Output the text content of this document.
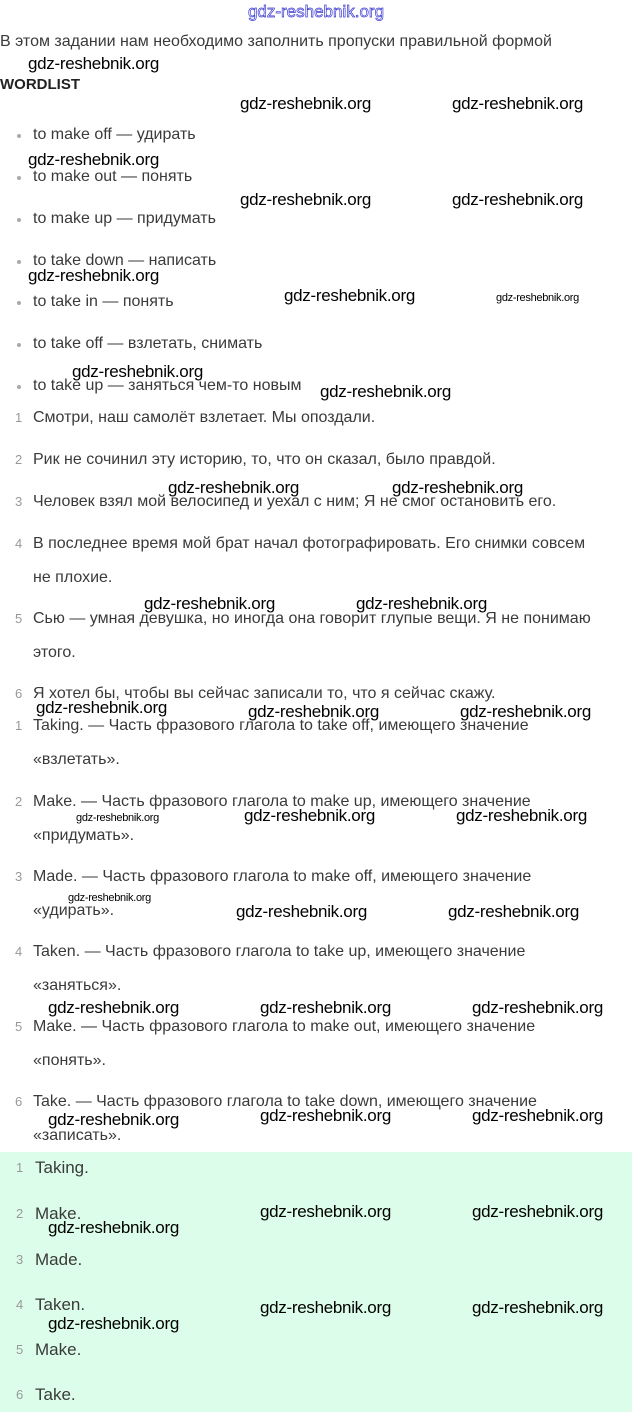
gdz-reshebnik.org
В этом задании нам необходимо заполнить пропуски правильной формой
WORDLIST
to make off — удирать
to make out — понять
to make up — придумать
to take down — написать
to take in — понять
to take off — взлетать, снимать
to take up — заняться чем-то новым
1 Смотри, наш самолёт взлетает. Мы опоздали.
2 Рик не сочинил эту историю, то, что он сказал, было правдой.
3 Человек взял мой велосипед и уехал с ним; Я не смог остановить его.
4 В последнее время мой брат начал фотографировать. Его снимки совсем
не плохие.
5 Сью — умная девушка, но иногда она говорит глупые вещи. Я не понимаю
этого.
6 Я хотел бы, чтобы вы сейчас записали то, что я сейчас скажу.
1 Taking. — Часть фразового глагола to take off, имеющего значение
«взлетать».
2 Make. — Часть фразового глагола to make up, имеющего значение
«придумать».
3 Made. — Часть фразового глагола to make off, имеющего значение
«удирать».
4 Taken. — Часть фразового глагола to take up, имеющего значение
«заняться».
5 Make. — Часть фразового глагола to make out, имеющего значение
«понять».
6 Take. — Часть фразового глагола to take down, имеющего значение
«записать».
1 Taking.
2 Make.
3 Made.
4 Taken.
5 Make.
6 Take.
gdz-reshebnik.org
gdz-reshebnik.org	gdz-reshebnik.org
gdz-reshebnik.org
gdz-reshebnik.org	gdz-reshebnik.org
gdz-reshebnik.org
gdz-reshebnik.org	gdz-reshebnik.org
gdz-reshebnik.org
gdz-reshebnik.org
gdz-reshebnik.org	gdz-reshebnik.org
gdz-reshebnik.org	gdz-reshebnik.org
gdz-reshebnik.org	gdz-reshebnik.org	gdz-reshebnik.org
gdz-reshebnik.org	gdz-reshebnik.org	gdz-reshebnik.org
gdz-reshebnik.org
gdz-reshebnik.org	gdz-reshebnik.org
gdz-reshebnik.org	gdz-reshebnik.org	gdz-reshebnik.org
gdz-reshebnik.org	gdz-reshebnik.org	gdz-reshebnik.org
gdz-reshebnik.org	gdz-reshebnik.org
gdz-reshebnik.org
gdz-reshebnik.org	gdz-reshebnik.org
gdz-reshebnik.org
